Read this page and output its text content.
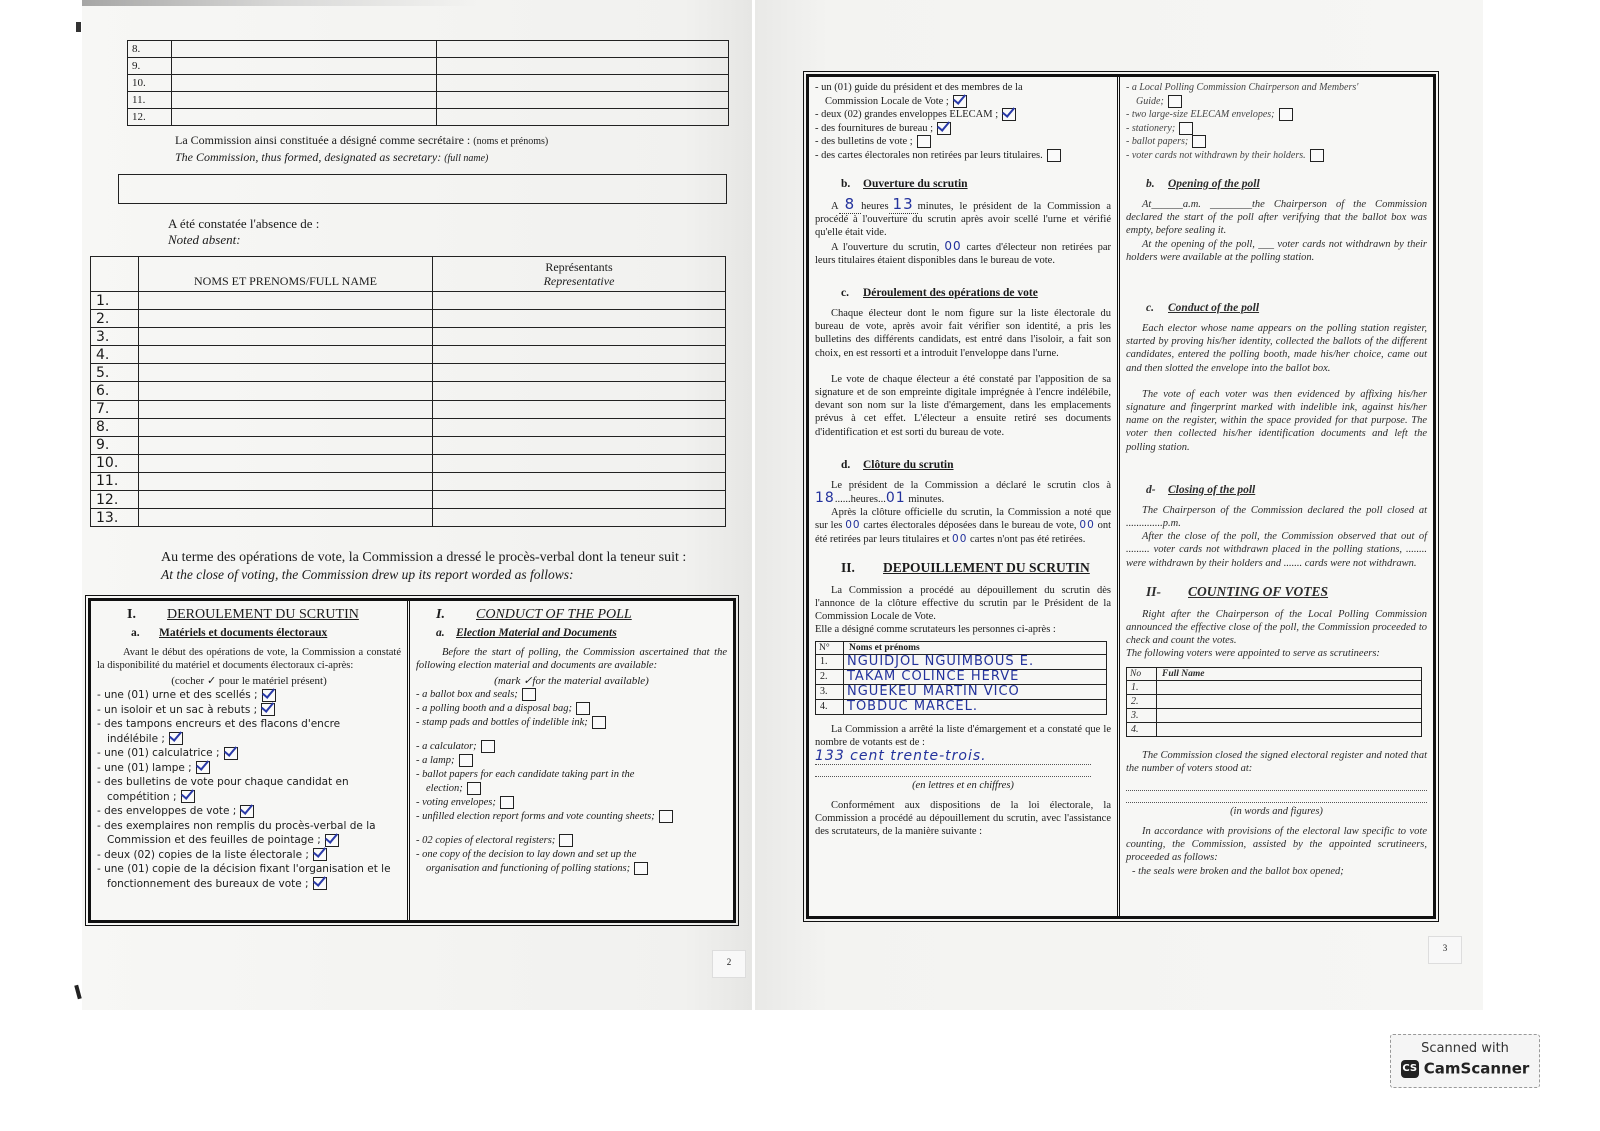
8.		
9.		
10.		
11.		
12.		
La Commission ainsi constituée a désigné comme secrétaire : (noms et prénoms)
The Commission, thus formed, designated as secretary: (full name)
A été constatée l'absence de :
Noted absent:
	NOMS ET PRENOMS/FULL NAME	Représentants
Representative

1.		
2.		
3.		
4.		
5.		
6.		
7.		
8.		
9.		
10.		
11.		
12.		
13.		
Au terme des opérations de vote, la Commission a dressé le procès-verbal dont la teneur suit :
At the close of voting, the Commission drew up its report worded as follows:
I. DEROULEMENT DU SCRUTIN
a. Matériels et documents électoraux
Avant le début des opérations de vote, la Commission a constaté la disponibilité du matériel et documents électoraux ci-après:
(cocher ✓ pour le matériel présent)
- une (01) urne et des scellés ;
- un isoloir et un sac à rebuts ;
- des tampons encreurs et des flacons d'encre
indélébile ;
- une (01) calculatrice ;
- une (01) lampe ;
- des bulletins de vote pour chaque candidat en
compétition ;
- des enveloppes de vote ;
- des exemplaires non remplis du procès-verbal de la
Commission et des feuilles de pointage ;
- deux (02) copies de la liste électorale ;
- une (01) copie de la décision fixant l'organisation et le
fonctionnement des bureaux de vote ;
I. CONDUCT OF THE POLL
a. Election Material and Documents
Before the start of polling, the Commission ascertained that the following election material and documents are available:
(mark ✓for the material available)
- a ballot box and seals;
- a polling booth and a disposal bag;
- stamp pads and bottles of indelible ink;
- a calculator;
- a lamp;
- ballot papers for each candidate taking part in the
election;
- voting envelopes;
- unfilled election report forms and vote counting sheets;
- 02 copies of electoral registers;
- one copy of the decision to lay down and set up the
organisation and functioning of polling stations;
2
- un (01) guide du président et des membres de la
Commission Locale de Vote ;
- deux (02) grandes enveloppes ELECAM ;
- des fournitures de bureau ;
- des bulletins de vote ;
- des cartes électorales non retirées par leurs titulaires.
b. Ouverture du scrutin
A 8 heures 13 minutes, le président de la Commission a procédé à l'ouverture du scrutin après avoir scellé l'urne et vérifié qu'elle était vide.
A l'ouverture du scrutin, 00 cartes d'électeur non retirées par leurs titulaires étaient disponibles dans le bureau de vote.
c. Déroulement des opérations de vote
Chaque électeur dont le nom figure sur la liste électorale du bureau de vote, après avoir fait vérifier son identité, a pris les bulletins des différents candidats, est entré dans l'isoloir, a fait son choix, en est ressorti et a introduit l'enveloppe dans l'urne.
Le vote de chaque électeur a été constaté par l'apposition de sa signature et de son empreinte digitale imprégnée à l'encre indélébile, devant son nom sur la liste d'émargement, dans les emplacements prévus à cet effet. L'électeur a ensuite retiré ses documents d'identification et est sorti du bureau de vote.
d. Clôture du scrutin
Le président de la Commission a déclaré le scrutin clos à 18......heures...01 minutes.
Après la clôture officielle du scrutin, la Commission a noté que sur les 00 cartes électorales déposées dans le bureau de vote, 00 ont été retirées par leurs titulaires et 00 cartes n'ont pas été retirées.
II. DEPOUILLEMENT DU SCRUTIN
La Commission a procédé au dépouillement du scrutin dès l'annonce de la clôture effective du scrutin par le Président de la Commission Locale de Vote.
Elle a désigné comme scrutateurs les personnes ci-après :
N°	Noms et prénoms
1.	NGUIDJOL NGUIMBOUS E.
2.	TAKAM COLINCE HERVE
3.	NGUEKEU MARTIN VICO
4.	TOBDUC MARCEL.
La Commission a arrêté la liste d'émargement et a constaté que le nombre de votants est de :
133 cent trente-trois.
(en lettres et en chiffres)
Conformément aux dispositions de la loi électorale, la Commission a procédé au dépouillement du scrutin, avec l'assistance des scrutateurs, de la manière suivante :
- a Local Polling Commission Chairperson and Members'
Guide;
- two large-size ELECAM envelopes;
- stationery;
- ballot papers;
- voter cards not withdrawn by their holders.
b. Opening of the poll
At______a.m. ________the Chairperson of the Commission declared the start of the poll after verifying that the ballot box was empty, before sealing it.
At the opening of the poll, ___ voter cards not withdrawn by their holders were available at the polling station.
c. Conduct of the poll
Each elector whose name appears on the polling station register, started by proving his/her identity, collected the ballots of the different candidates, entered the polling booth, made his/her choice, came out and then slotted the envelope into the ballot box.
The vote of each voter was then evidenced by affixing his/her signature and fingerprint marked with indelible ink, against his/her name on the register, within the space provided for that purpose. The voter then collected his/her identification documents and left the polling station.
d- Closing of the poll
The Chairperson of the Commission declared the poll closed at ..............p.m.
After the close of the poll, the Commission observed that out of ......... voter cards not withdrawn placed in the polling stations, ........ were withdrawn by their holders and ....... cards were not withdrawn.
II- COUNTING OF VOTES
Right after the Chairperson of the Local Polling Commission announced the effective close of the poll, the Commission proceeded to check and count the votes.
The following voters were appointed to serve as scrutineers:
No	Full Name
1.	
2.	
3.	
4.	
The Commission closed the signed electoral register and noted that the number of voters stood at:
(in words and figures)
In accordance with provisions of the electoral law specific to vote counting, the Commission, assisted by the appointed scrutineers, proceeded as follows:
- the seals were broken and the ballot box opened;
3
Scanned with
CS CamScanner
